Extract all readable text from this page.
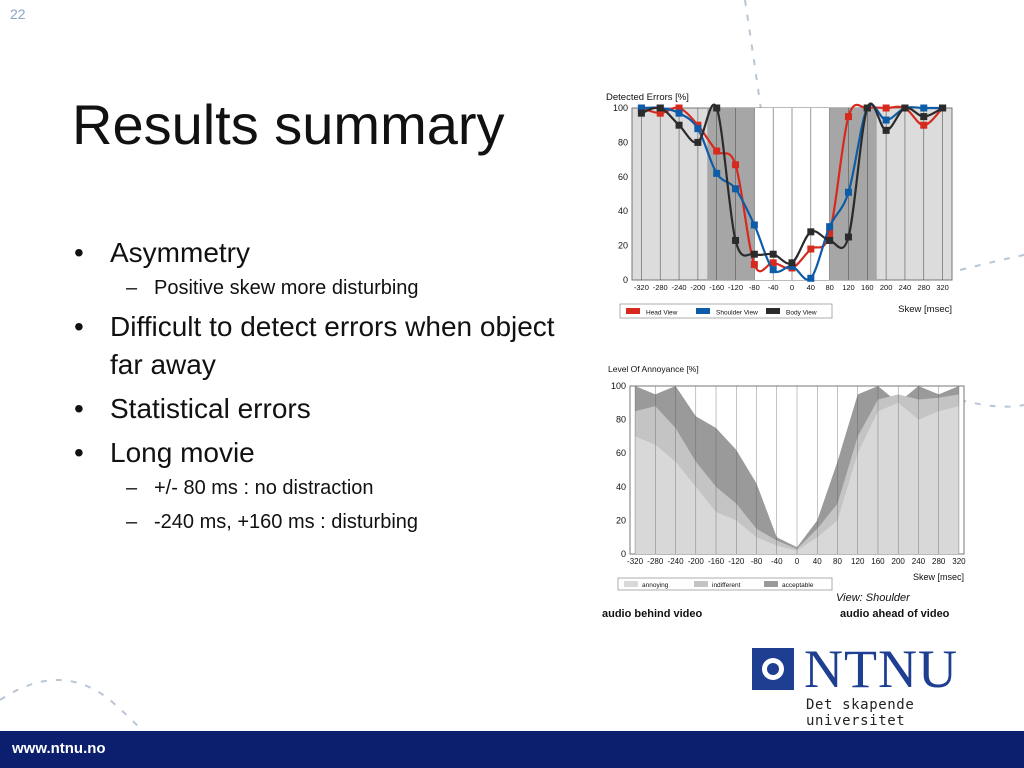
22
Results summary
• Asymmetry
– Positive skew more disturbing
• Difficult to detect errors when object far away
• Statistical errors
• Long movie
– +/- 80 ms : no distraction
– -240 ms, +160 ms : disturbing
-320 -280 -240 -200 -160 -120 -80 -40 0 40 80 120 160 200 240 280 320
0
20
40
60
80
100
Detected Errors [%]
Skew [msec]
Head View	Shoulder View	Body View
-320 -280 -240 -200 -160 -120 -80 -40 0 40 80 120 160 200 240 280 320
0
20
40
60
80
100
Level Of Annoyance [%]
Skew [msec]
View: Shoulder
annoying	indifferent	acceptable
audio behind video	audio ahead of video
NTNU
Det skapende universitet
www.ntnu.no
